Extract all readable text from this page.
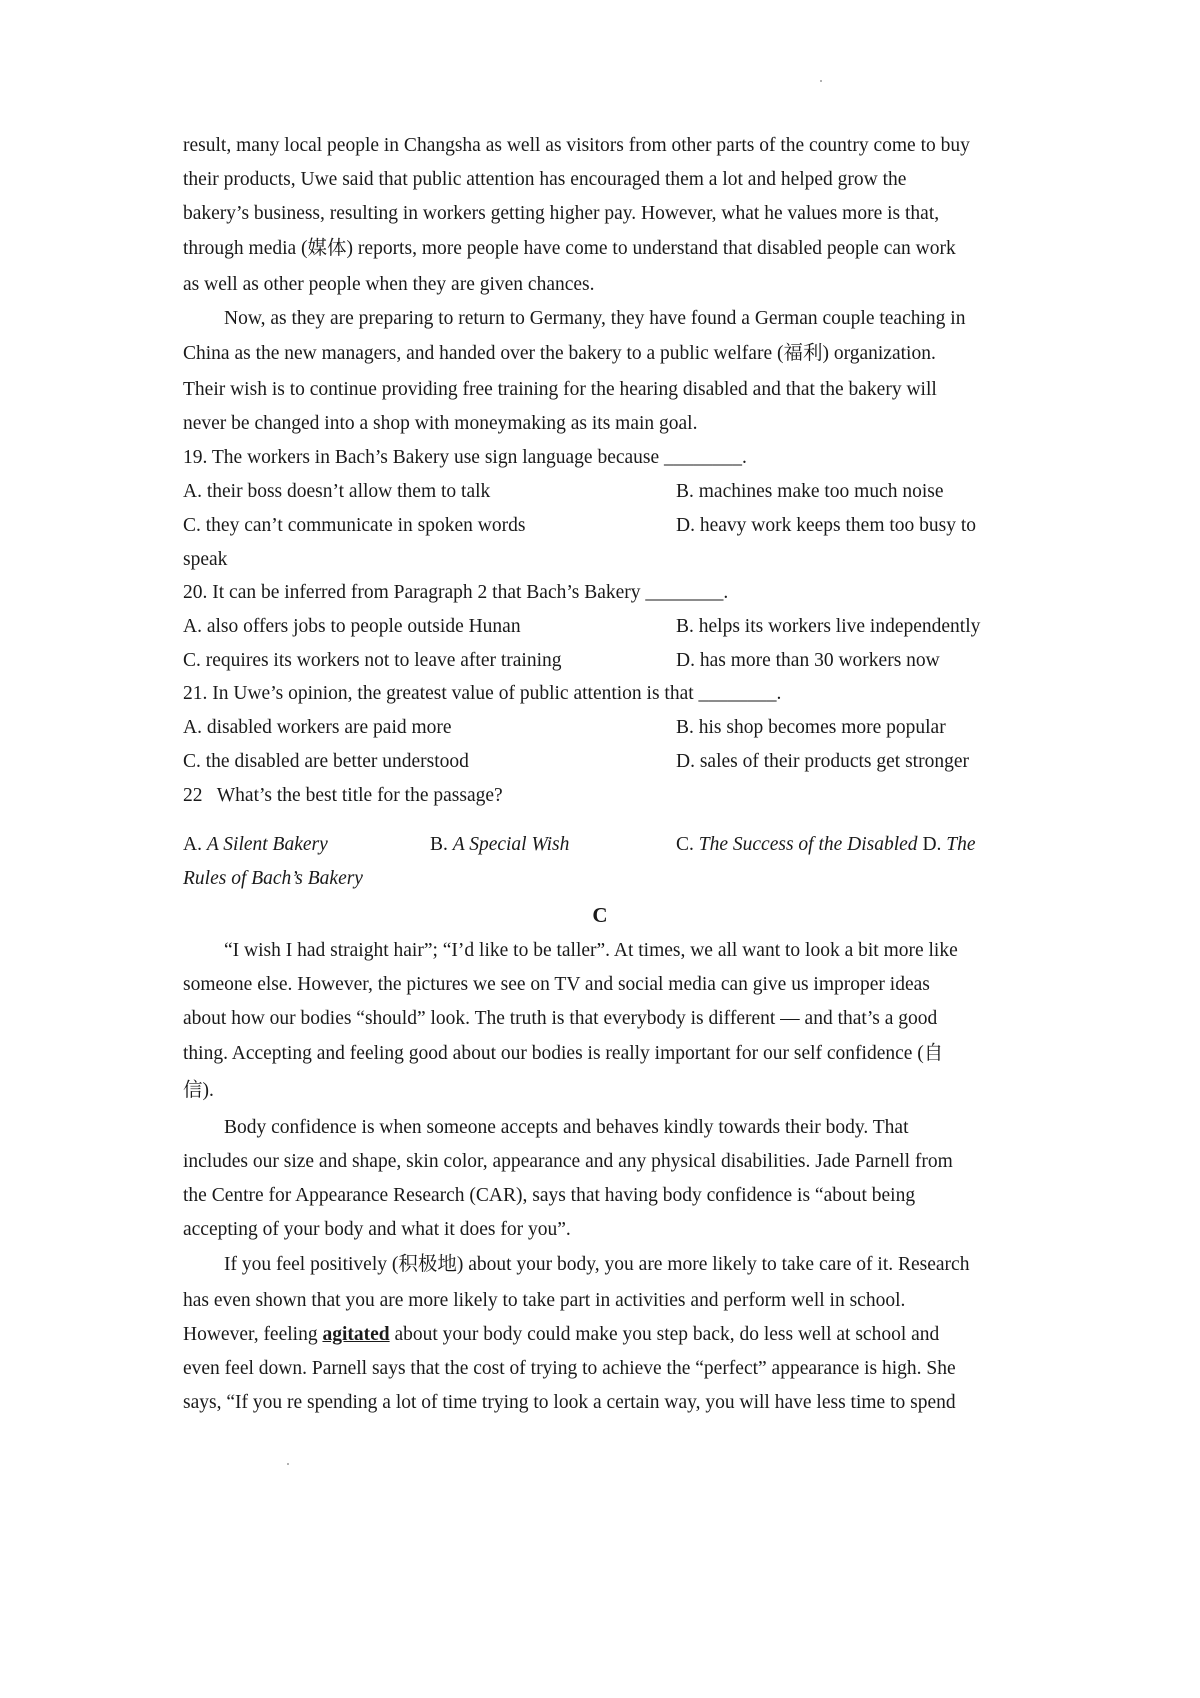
result, many local people in Changsha as well as visitors from other parts of the country come to buy
their products, Uwe said that public attention has encouraged them a lot and helped grow the
bakery’s business, resulting in workers getting higher pay. However, what he values more is that,
through media (媒体) reports, more people have come to understand that disabled people can work
as well as other people when they are given chances.
Now, as they are preparing to return to Germany, they have found a German couple teaching in
China as the new managers, and handed over the bakery to a public welfare (福利) organization.
Their wish is to continue providing free training for the hearing disabled and that the bakery will
never be changed into a shop with moneymaking as its main goal.
19. The workers in Bach’s Bakery use sign language because ________.
A. their boss doesn’t allow them to talk	B. machines make too much noise
C. they can’t communicate in spoken words	D. heavy work keeps them too busy to
speak
20. It can be inferred from Paragraph 2 that Bach’s Bakery ________.
A. also offers jobs to people outside Hunan	B. helps its workers live independently
C. requires its workers not to leave after training	D. has more than 30 workers now
21. In Uwe’s opinion, the greatest value of public attention is that ________.
A. disabled workers are paid more	B. his shop becomes more popular
C. the disabled are better understood	D. sales of their products get stronger
22   What’s the best title for the passage?
A. A Silent Bakery	B. A Special Wish	C. The Success of the Disabled D. The
Rules of Bach’s Bakery
C
“I wish I had straight hair”; “I’d like to be taller”. At times, we all want to look a bit more like
someone else. However, the pictures we see on TV and social media can give us improper ideas
about how our bodies “should” look. The truth is that everybody is different — and that’s a good
thing. Accepting and feeling good about our bodies is really important for our self confidence (自
信).
Body confidence is when someone accepts and behaves kindly towards their body. That
includes our size and shape, skin color, appearance and any physical disabilities. Jade Parnell from
the Centre for Appearance Research (CAR), says that having body confidence is “about being
accepting of your body and what it does for you”.
If you feel positively (积极地) about your body, you are more likely to take care of it. Research
has even shown that you are more likely to take part in activities and perform well in school.
However, feeling agitated about your body could make you step back, do less well at school and
even feel down. Parnell says that the cost of trying to achieve the “perfect” appearance is high. She
says, “If you re spending a lot of time trying to look a certain way, you will have less time to spend
